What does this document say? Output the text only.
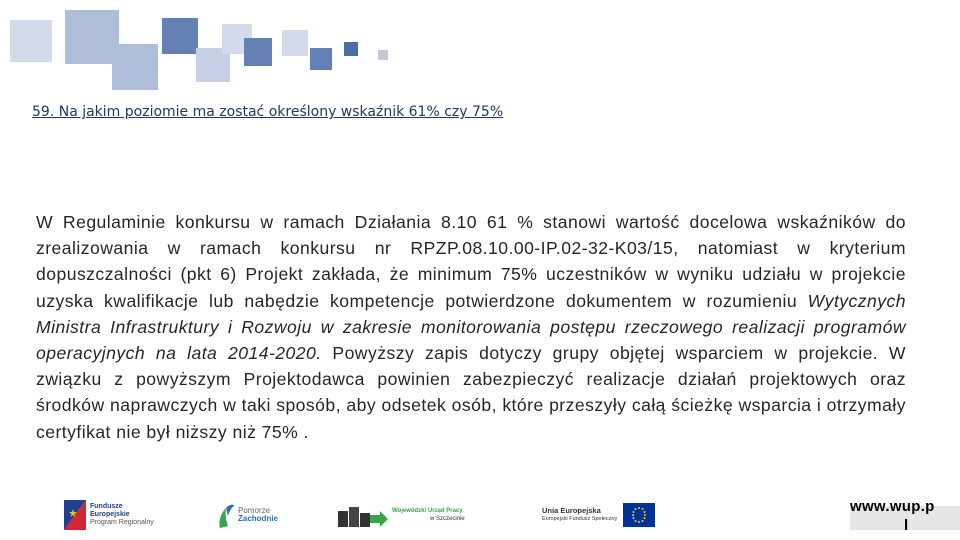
59. Na jakim poziomie ma zostać określony wskaźnik 61% czy 75%
W Regulaminie konkursu w ramach Działania 8.10 61 % stanowi wartość docelowa wskaźników do zrealizowania w ramach konkursu nr RPZP.08.10.00-IP.02-32-K03/15, natomiast w kryterium dopuszczalności (pkt 6) Projekt zakłada, że minimum 75% uczestników w wyniku udziału w projekcie uzyska kwalifikacje lub nabędzie kompetencje potwierdzone dokumentem w rozumieniu Wytycznych Ministra Infrastruktury i Rozwoju w zakresie monitorowania postępu rzeczowego realizacji programów operacyjnych na lata 2014-2020. Powyższy zapis dotyczy grupy objętej wsparciem w projekcie. W związku z powyższym Projektodawca powinien zabezpieczyć realizacje działań projektowych oraz środków naprawczych w taki sposób, aby odsetek osób, które przeszyły całą ścieżkę wsparcia i otrzymały certyfikat nie był niższy niż 75% .
Fundusze
Europejskie
Program Regionalny
Pomorze
Zachodnie
Wojewódzki Urząd Pracy
w Szczecinie
Unia Europejska
Europejski Fundusz Społeczny
www.wup.p
l
